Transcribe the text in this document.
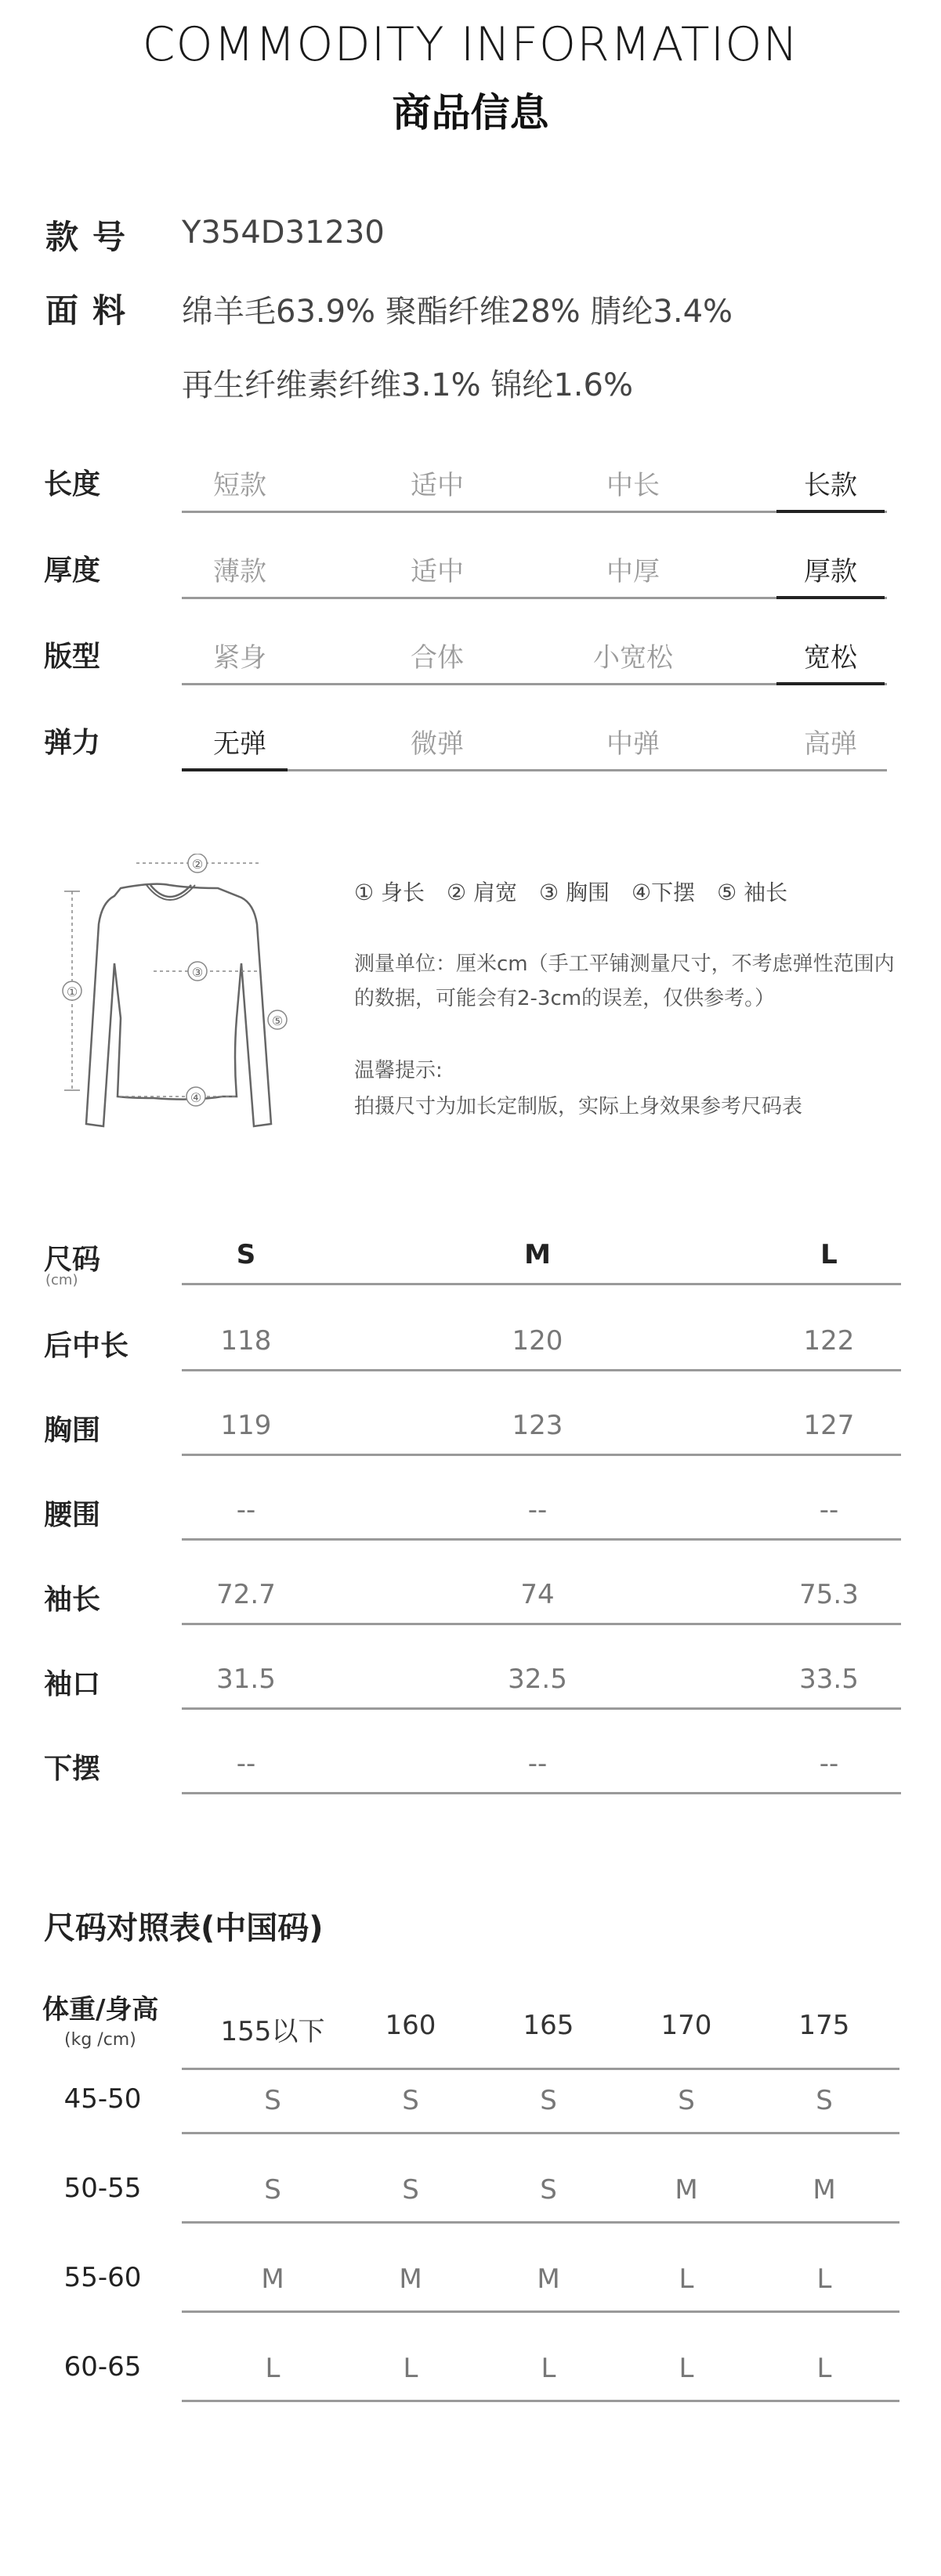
COMMODITY INFORMATION
商品信息
款号 Y354D31230
面料 绵羊毛63.9% 聚酯纤维28% 腈纶3.4%
再生纤维素纤维3.1% 锦纶1.6%
长度	短款	适中	中长	长款
厚度	薄款	适中	中厚	厚款
版型	紧身	合体	小宽松	宽松
弹力	无弹	微弹	中弹	高弹
①
②
③
④
⑤
① 身长　② 肩宽　③ 胸围　④下摆　⑤ 袖长
测量单位：厘米cm（手工平铺测量尺寸，不考虑弹性范围内
的数据，可能会有2-3cm的误差，仅供参考。）
温馨提示:
拍摄尺寸为加长定制版，实际上身效果参考尺码表
尺码
(cm)
S	M	L
后中长	118	120	122
胸围	119	123	127
腰围	--	--	--
袖长	72.7	74	75.3
袖口	31.5	32.5	33.5
下摆	--	--	--
尺码对照表(中国码)
体重/身高
(kg /cm)	155以下	160	165	170	175
45-50	S	S	S	S	S
50-55	S	S	S	M	M
55-60	M	M	M	L	L
60-65	L	L	L	L	L
